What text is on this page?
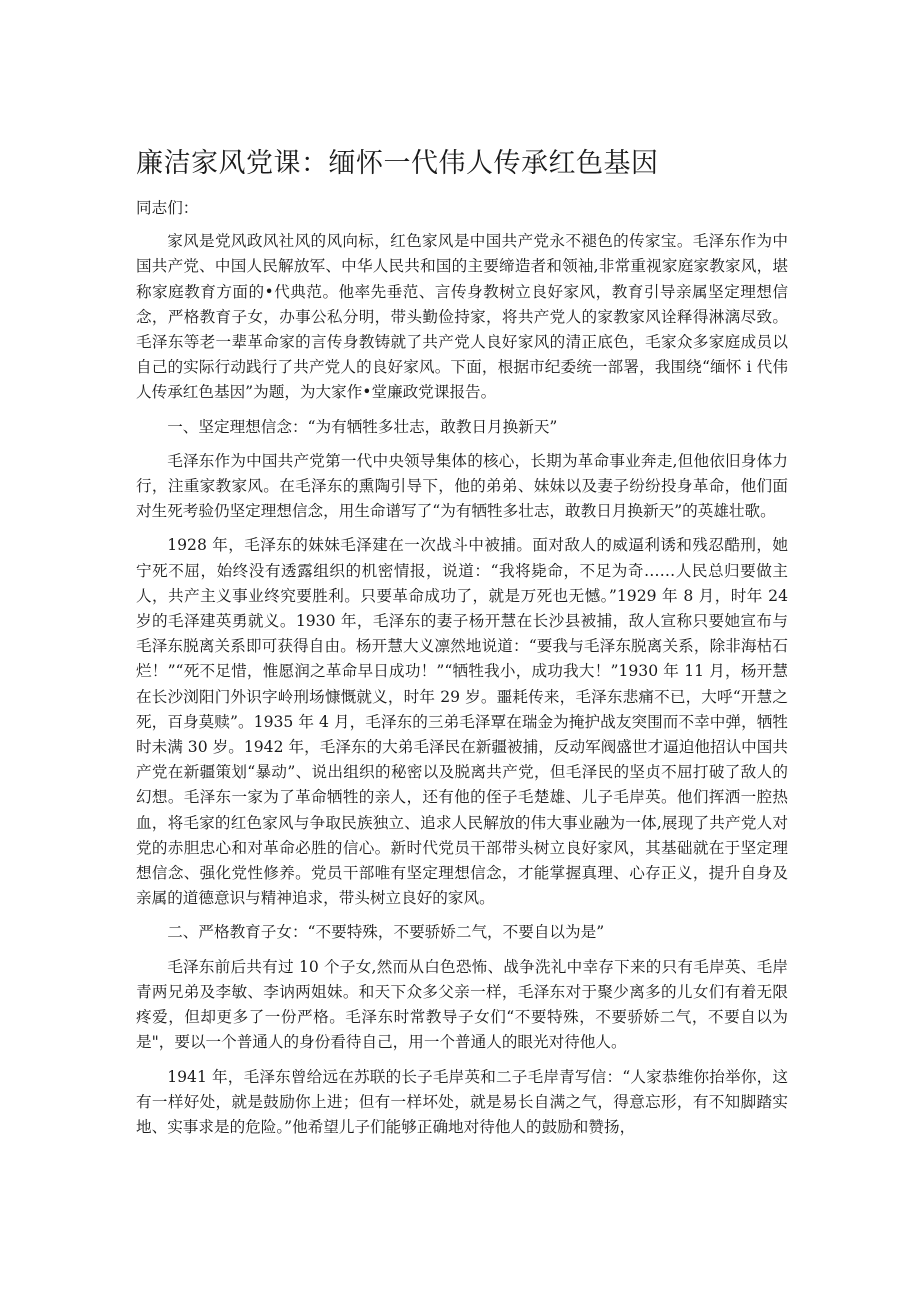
廉洁家风党课：缅怀一代伟人传承红色基因

同志们：

家风是党风政风社风的风向标，红色家风是中国共产党永不褪色的传家宝。毛泽东作为中国共产党、中国人民解放军、中华人民共和国的主要缔造者和领袖,非常重视家庭家教家风，堪称家庭教育方面的•代典范。他率先垂范、言传身教树立良好家风，教育引导亲属坚定理想信念，严格教育子女，办事公私分明，带头勤俭持家，将共产党人的家教家风诠释得淋漓尽致。毛泽东等老一辈革命家的言传身教铸就了共产党人良好家风的清正底色，毛家众多家庭成员以自己的实际行动践行了共产党人的良好家风。下面，根据市纪委统一部署，我围绕“缅怀 i 代伟人传承红色基因”为题，为大家作•堂廉政党课报告。

一、坚定理想信念：“为有牺牲多壮志，敢教日月换新天”

毛泽东作为中国共产党第一代中央领导集体的核心，长期为革命事业奔走,但他依旧身体力行，注重家教家风。在毛泽东的熏陶引导下，他的弟弟、妹妹以及妻子纷纷投身革命，他们面对生死考验仍坚定理想信念，用生命谱写了“为有牺牲多壮志，敢教日月换新天”的英雄壮歌。

1928 年，毛泽东的妹妹毛泽建在一次战斗中被捕。面对敌人的威逼利诱和残忍酷刑，她宁死不屈，始终没有透露组织的机密情报，说道：“我将毙命，不足为奇……人民总归要做主人，共产主义事业终究要胜利。只要革命成功了，就是万死也无憾。”1929 年 8 月，时年 24 岁的毛泽建英勇就义。1930 年，毛泽东的妻子杨开慧在长沙县被捕，敌人宣称只要她宣布与毛泽东脱离关系即可获得自由。杨开慧大义凛然地说道：“要我与毛泽东脱离关系，除非海枯石烂！”“死不足惜，惟愿润之革命早日成功！”“牺牲我小，成功我大！”1930 年 11 月，杨开慧在长沙浏阳门外识字岭刑场慷慨就义，时年 29 岁。噩耗传来，毛泽东悲痛不已，大呼“开慧之死，百身莫赎”。1935 年 4 月，毛泽东的三弟毛泽覃在瑞金为掩护战友突围而不幸中弹，牺牲时未满 30 岁。1942 年，毛泽东的大弟毛泽民在新疆被捕，反动军阀盛世才逼迫他招认中国共产党在新疆策划“暴动”、说出组织的秘密以及脱离共产党，但毛泽民的坚贞不屈打破了敌人的幻想。毛泽东一家为了革命牺牲的亲人，还有他的侄子毛楚雄、儿子毛岸英。他们挥洒一腔热血，将毛家的红色家风与争取民族独立、追求人民解放的伟大事业融为一体,展现了共产党人对党的赤胆忠心和对革命必胜的信心。新时代党员干部带头树立良好家风，其基础就在于坚定理想信念、强化党性修养。党员干部唯有坚定理想信念，才能掌握真理、心存正义，提升自身及亲属的道德意识与精神追求，带头树立良好的家风。

二、严格教育子女：“不要特殊，不要骄娇二气，不要自以为是”

毛泽东前后共有过 10 个子女,然而从白色恐怖、战争洗礼中幸存下来的只有毛岸英、毛岸青两兄弟及李敏、李讷两姐妹。和天下众多父亲一样，毛泽东对于聚少离多的儿女们有着无限疼爱，但却更多了一份严格。毛泽东时常教导子女们“不要特殊，不要骄娇二气，不要自以为是"，要以一个普通人的身份看待自己，用一个普通人的眼光对待他人。

1941 年，毛泽东曾给远在苏联的长子毛岸英和二子毛岸青写信：“人家恭维你抬举你，这有一样好处，就是鼓励你上进；但有一样坏处，就是易长自满之气，得意忘形，有不知脚踏实地、实事求是的危险。”他希望儿子们能够正确地对待他人的鼓励和赞扬，
